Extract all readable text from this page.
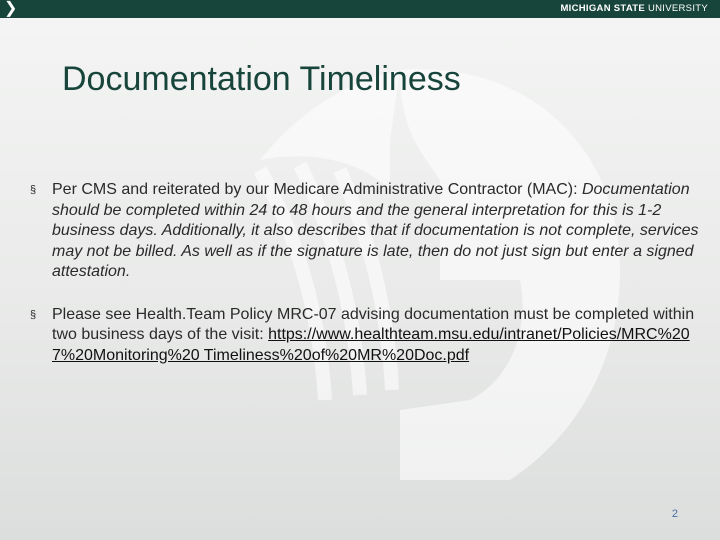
❯	MICHIGAN STATE UNIVERSITY
Documentation Timeliness
§ Per CMS and reiterated by our Medicare Administrative Contractor (MAC): Documentation should be completed within 24 to 48 hours and the general interpretation for this is 1-2 business days. Additionally, it also describes that if documentation is not complete, services may not be billed. As well as if the signature is late, then do not just sign but enter a signed attestation.
§ Please see Health.Team Policy MRC-07 advising documentation must be completed within two business days of the visit: https://www.healthteam.msu.edu/intranet/Policies/MRC%207%20Monitoring%20 Timeliness%20of%20MR%20Doc.pdf
2
